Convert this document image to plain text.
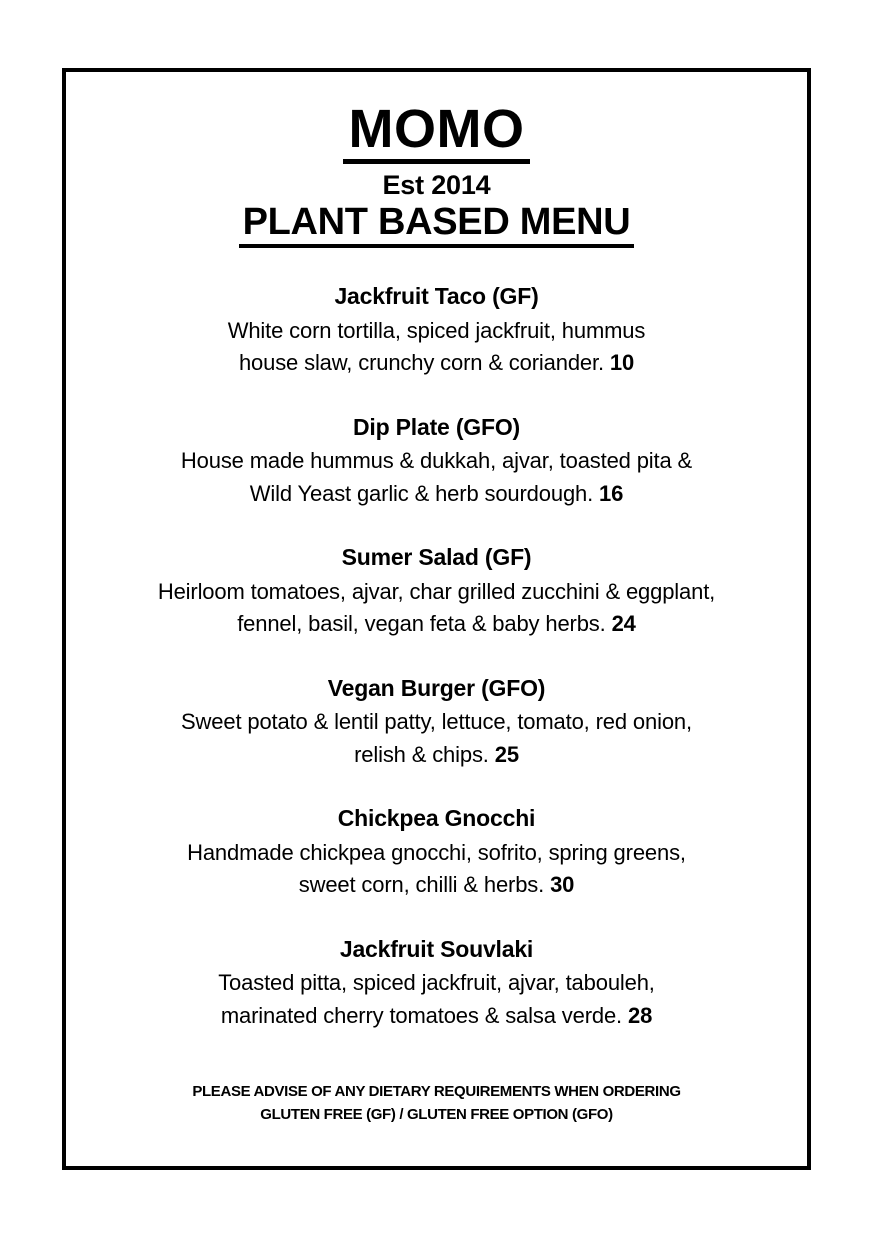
MOMO
Est 2014
PLANT BASED MENU
Jackfruit Taco (GF)
White corn tortilla, spiced jackfruit, hummus
house slaw, crunchy corn & coriander. 10
Dip Plate (GFO)
House made hummus & dukkah, ajvar, toasted pita &
Wild Yeast garlic & herb sourdough. 16
Sumer Salad (GF)
Heirloom tomatoes, ajvar, char grilled zucchini & eggplant,
fennel, basil, vegan feta & baby herbs. 24
Vegan Burger (GFO)
Sweet potato & lentil patty, lettuce, tomato, red onion,
relish & chips. 25
Chickpea Gnocchi
Handmade chickpea gnocchi, sofrito, spring greens,
sweet corn, chilli & herbs. 30
Jackfruit Souvlaki
Toasted pitta, spiced jackfruit, ajvar, tabouleh,
marinated cherry tomatoes & salsa verde. 28
PLEASE ADVISE OF ANY DIETARY REQUIREMENTS WHEN ORDERING
GLUTEN FREE (GF) / GLUTEN FREE OPTION (GFO)
